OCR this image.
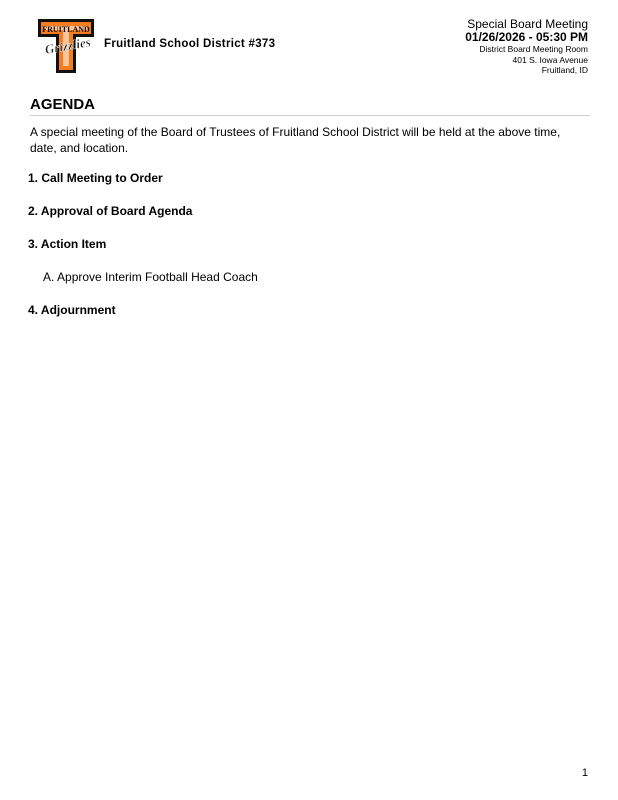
FRUITLAND
Grizzlies Fruitland School District #373
Special Board Meeting
01/26/2026 - 05:30 PM
District Board Meeting Room
401 S. Iowa Avenue
Fruitland, ID
AGENDA
A special meeting of the Board of Trustees of Fruitland School District will be held at the above time, date, and location.
1. Call Meeting to Order
2. Approval of Board Agenda
3. Action Item
A. Approve Interim Football Head Coach
4. Adjournment
1
